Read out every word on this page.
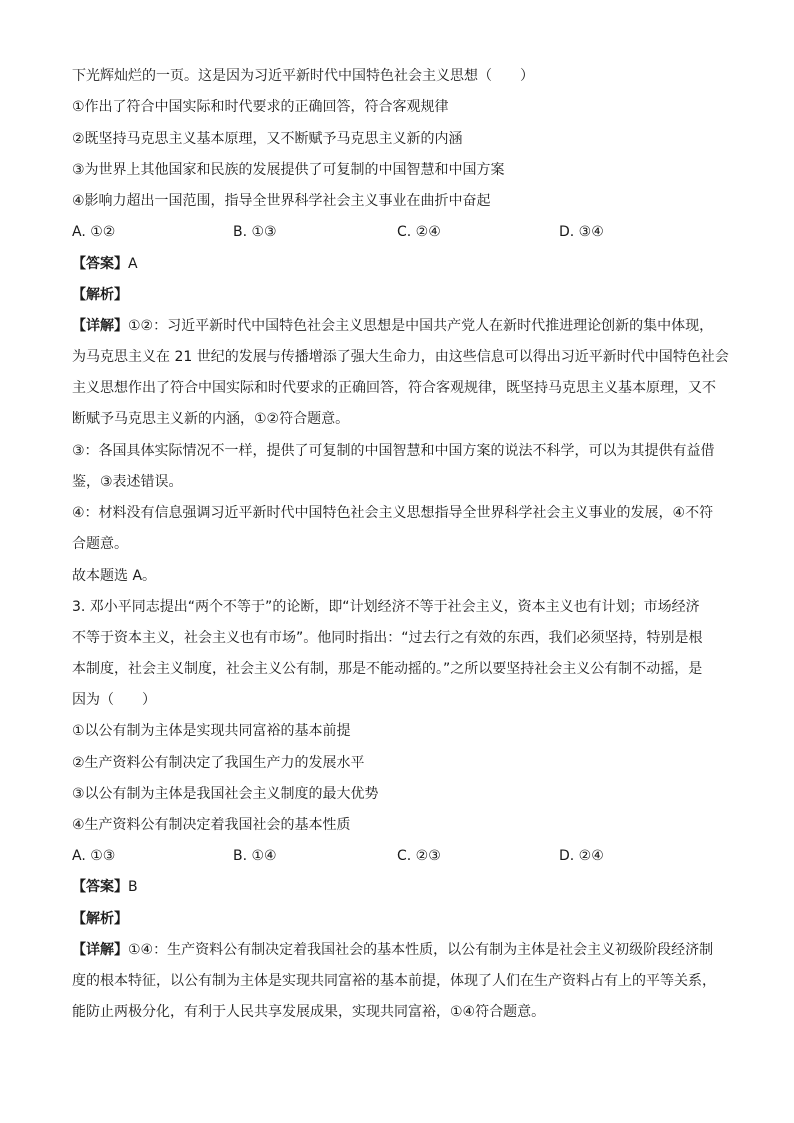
下光辉灿烂的一页。这是因为习近平新时代中国特色社会主义思想（　　）
①作出了符合中国实际和时代要求的正确回答，符合客观规律
②既坚持马克思主义基本原理，又不断赋予马克思主义新的内涵
③为世界上其他国家和民族的发展提供了可复制的中国智慧和中国方案
④影响力超出一国范围，指导全世界科学社会主义事业在曲折中奋起
A. ①②	B. ①③	C. ②④	D. ③④
【答案】A
【解析】
【详解】①②：习近平新时代中国特色社会主义思想是中国共产党人在新时代推进理论创新的集中体现，
为马克思主义在 21 世纪的发展与传播增添了强大生命力，由这些信息可以得出习近平新时代中国特色社会
主义思想作出了符合中国实际和时代要求的正确回答，符合客观规律，既坚持马克思主义基本原理，又不
断赋予马克思主义新的内涵，①②符合题意。
③：各国具体实际情况不一样，提供了可复制的中国智慧和中国方案的说法不科学，可以为其提供有益借
鉴，③表述错误。
④：材料没有信息强调习近平新时代中国特色社会主义思想指导全世界科学社会主义事业的发展，④不符
合题意。
故本题选 A。
3. 邓小平同志提出“两个不等于”的论断，即“计划经济不等于社会主义，资本主义也有计划；市场经济
不等于资本主义，社会主义也有市场”。他同时指出：“过去行之有效的东西，我们必须坚持，特别是根
本制度，社会主义制度，社会主义公有制，那是不能动摇的。”之所以要坚持社会主义公有制不动摇，是
因为（　　）
①以公有制为主体是实现共同富裕的基本前提
②生产资料公有制决定了我国生产力的发展水平
③以公有制为主体是我国社会主义制度的最大优势
④生产资料公有制决定着我国社会的基本性质
A. ①③	B. ①④	C. ②③	D. ②④
【答案】B
【解析】
【详解】①④：生产资料公有制决定着我国社会的基本性质，以公有制为主体是社会主义初级阶段经济制
度的根本特征，以公有制为主体是实现共同富裕的基本前提，体现了人们在生产资料占有上的平等关系，
能防止两极分化，有利于人民共享发展成果，实现共同富裕，①④符合题意。
